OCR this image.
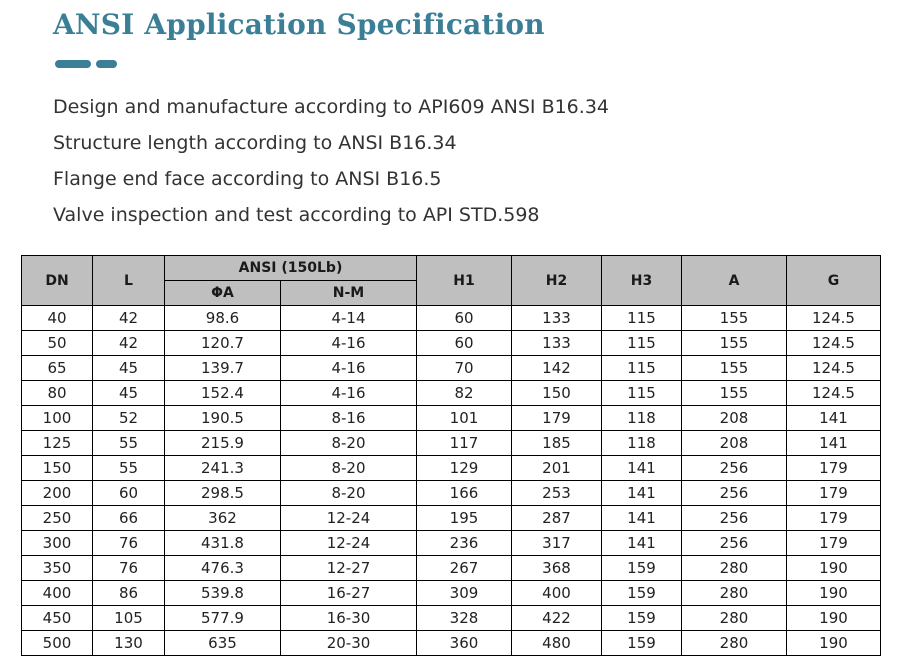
ANSI Application Specification
Design and manufacture according to API609 ANSI B16.34
Structure length according to ANSI B16.34
Flange end face according to ANSI B16.5
Valve inspection and test according to API STD.598
DN	L	ANSI (150Lb)		H1	H2	H3	A	G
		ΦA	N-M					
40	42	98.6	4-14	60	133	115	155	124.5
50	42	120.7	4-16	60	133	115	155	124.5
65	45	139.7	4-16	70	142	115	155	124.5
80	45	152.4	4-16	82	150	115	155	124.5
100	52	190.5	8-16	101	179	118	208	141
125	55	215.9	8-20	117	185	118	208	141
150	55	241.3	8-20	129	201	141	256	179
200	60	298.5	8-20	166	253	141	256	179
250	66	362	12-24	195	287	141	256	179
300	76	431.8	12-24	236	317	141	256	179
350	76	476.3	12-27	267	368	159	280	190
400	86	539.8	16-27	309	400	159	280	190
450	105	577.9	16-30	328	422	159	280	190
500	130	635	20-30	360	480	159	280	190
